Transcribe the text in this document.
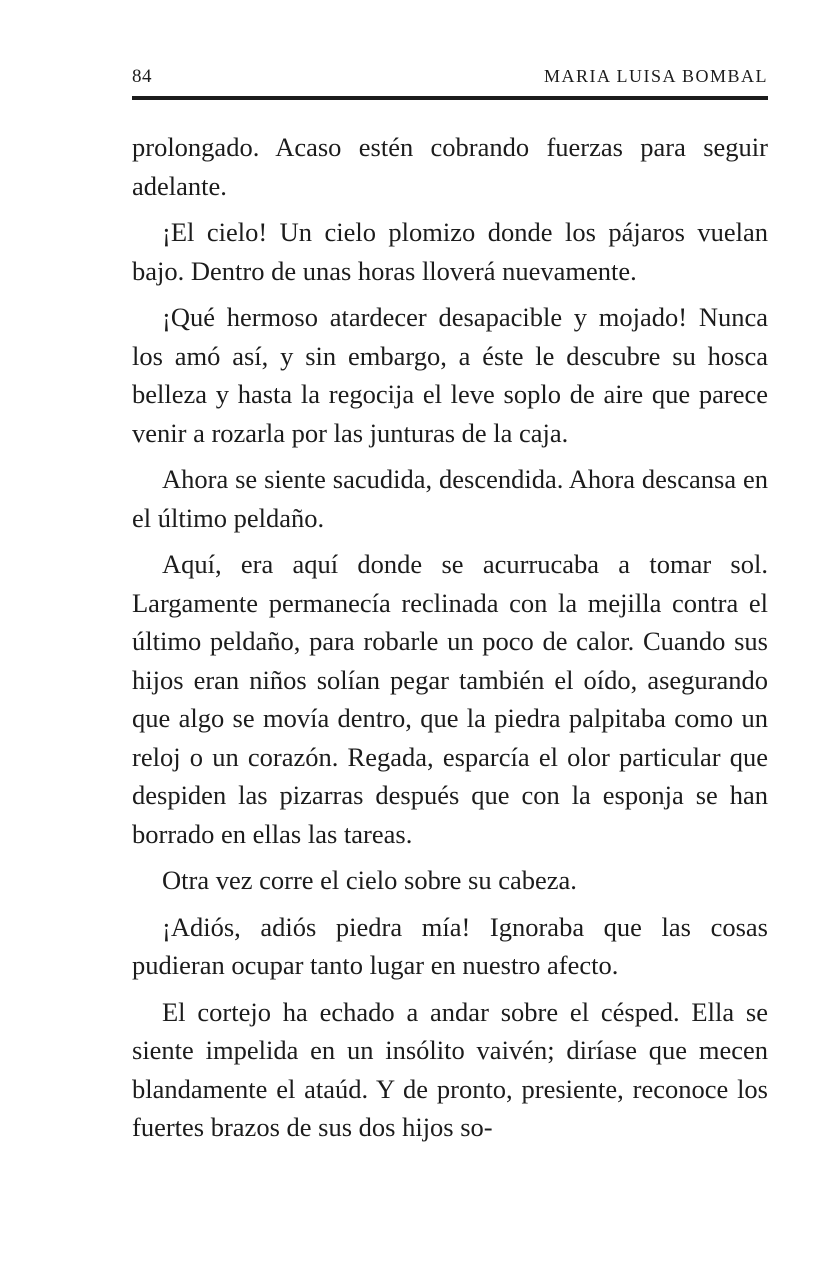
84	MARIA LUISA BOMBAL

prolongado. Acaso estén cobrando fuerzas para seguir adelante.

¡El cielo! Un cielo plomizo donde los pájaros vuelan bajo. Dentro de unas horas lloverá nuevamente.

¡Qué hermoso atardecer desapacible y mojado! Nunca los amó así, y sin embargo, a éste le descubre su hosca belleza y hasta la regocija el leve soplo de aire que parece venir a rozarla por las junturas de la caja.

Ahora se siente sacudida, descendida. Ahora descansa en el último peldaño.

Aquí, era aquí donde se acurrucaba a tomar sol. Largamente permanecía reclinada con la mejilla contra el último peldaño, para robarle un poco de calor. Cuando sus hijos eran niños solían pegar también el oído, asegurando que algo se movía dentro, que la piedra palpitaba como un reloj o un corazón. Regada, esparcía el olor particular que despiden las pizarras después que con la esponja se han borrado en ellas las tareas.

Otra vez corre el cielo sobre su cabeza.

¡Adiós, adiós piedra mía! Ignoraba que las cosas pudieran ocupar tanto lugar en nuestro afecto.

El cortejo ha echado a andar sobre el césped. Ella se siente impelida en un insólito vaivén; diríase que mecen blandamente el ataúd. Y de pronto, presiente, reconoce los fuertes brazos de sus dos hijos so-
